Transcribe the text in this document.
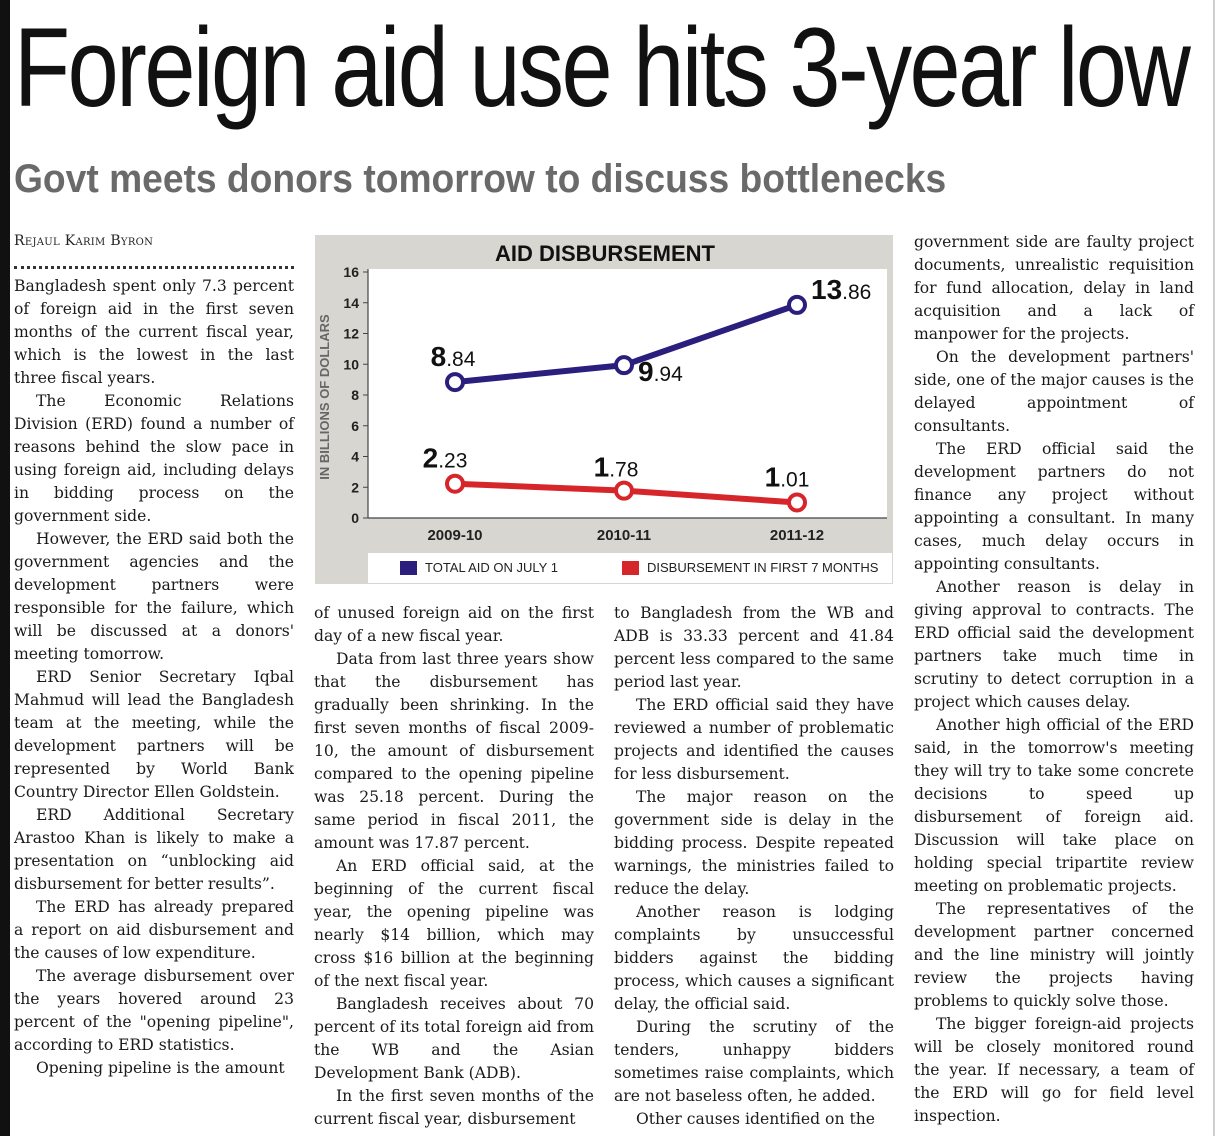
Foreign aid use hits 3-year low
Govt meets donors tomorrow to discuss bottlenecks
Rejaul Karim Byron

Bangladesh spent only 7.3 percent of foreign aid in the first seven months of the current fiscal year, which is the lowest in the last three fiscal years.

The Economic Relations Division (ERD) found a number of reasons behind the slow pace in using foreign aid, including delays in bidding process on the government side.

However, the ERD said both the government agencies and the development partners were responsible for the failure, which will be discussed at a donors' meeting tomorrow.

ERD Senior Secretary Iqbal Mahmud will lead the Bangladesh team at the meeting, while the development partners will be represented by World Bank Country Director Ellen Goldstein.

ERD Additional Secretary Arastoo Khan is likely to make a presentation on “unblocking aid disbursement for better results”.

The ERD has already prepared a report on aid disbursement and the causes of low expenditure.

The average disbursement over the years hovered around 23 percent of the "opening pipeline", according to ERD statistics.

Opening pipeline is the amount

of unused foreign aid on the first day of a new fiscal year.

Data from last three years show that the disbursement has gradually been shrinking. In the first seven months of fiscal 2009-10, the amount of disbursement compared to the opening pipeline was 25.18 percent. During the same period in fiscal 2011, the amount was 17.87 percent.

An ERD official said, at the beginning of the current fiscal year, the opening pipeline was nearly $14 billion, which may cross $16 billion at the beginning of the next fiscal year.

Bangladesh receives about 70 percent of its total foreign aid from the WB and the Asian Development Bank (ADB).

In the first seven months of the current fiscal year, disbursement

to Bangladesh from the WB and ADB is 33.33 percent and 41.84 percent less compared to the same period last year.

The ERD official said they have reviewed a number of problematic projects and identified the causes for less disbursement.

The major reason on the government side is delay in the bidding process. Despite repeated warnings, the ministries failed to reduce the delay.

Another reason is lodging complaints by unsuccessful bidders against the bidding process, which causes a significant delay, the official said.

During the scrutiny of the tenders, unhappy bidders sometimes raise complaints, which are not baseless often, he added.

Other causes identified on the

government side are faulty project documents, unrealistic requisition for fund allocation, delay in land acquisition and a lack of manpower for the projects.

On the development partners' side, one of the major causes is the delayed appointment of consultants.

The ERD official said the development partners do not finance any project without appointing a consultant. In many cases, much delay occurs in appointing consultants.

Another reason is delay in giving approval to contracts. The ERD official said the development partners take much time in scrutiny to detect corruption in a project which causes delay.

Another high official of the ERD said, in the tomorrow's meeting they will try to take some concrete decisions to speed up disbursement of foreign aid. Discussion will take place on holding special tripartite review meeting on problematic projects.

The representatives of the development partner concerned and the line ministry will jointly review the projects having problems to quickly solve those.

The bigger foreign-aid projects will be closely monitored round the year. If necessary, a team of the ERD will go for field level inspection.

AID DISBURSEMENT
IN BILLIONS OF DOLLARS
0
2
4
6
8
10
12
14
16
2009-10	2010-11	2011-12
8.84	9.94
13.86
2.23	1.78	1.01
TOTAL AID ON JULY 1	DISBURSEMENT IN FIRST 7 MONTHS
